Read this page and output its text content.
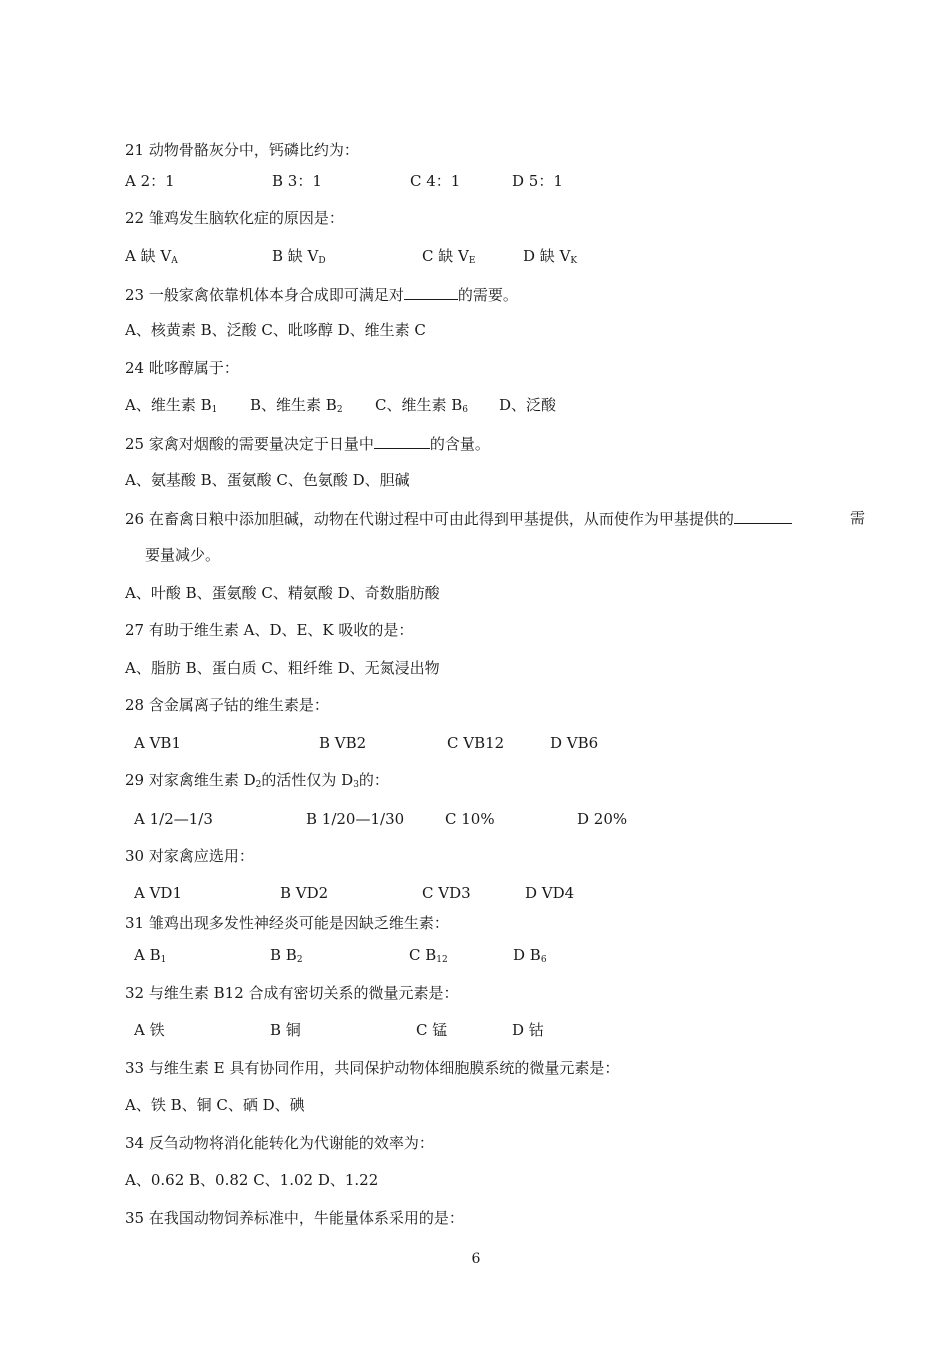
21 动物骨骼灰分中，钙磷比约为：
A 2：1	B 3：1	C 4：1	D 5：1
22 雏鸡发生脑软化症的原因是：
A 缺 $V_A$	B 缺 $V_D$	C 缺 $V_E$	D 缺 $V_K$
23 一般家禽依靠机体本身合成即可满足对	的需要。
A、核黄素 B、泛酸 C、吡哆醇 D、维生素 C
24 吡哆醇属于：
A、维生素 $B_1$ B、维生素 $B_2$ C、维生素 $B_6$ D、泛酸
25 家禽对烟酸的需要量决定于日量中	的含量。
A、氨基酸 B、蛋氨酸 C、色氨酸 D、胆碱
26 在畜禽日粮中添加胆碱，动物在代谢过程中可由此得到甲基提供，从而使作为甲基提供的	需
要量减少。
A、叶酸 B、蛋氨酸 C、精氨酸 D、奇数脂肪酸
27 有助于维生素 A、D、E、K 吸收的是：
A、脂肪 B、蛋白质 C、粗纤维 D、无氮浸出物
28 含金属离子钴的维生素是：
A VB1	B VB2	C VB12	D VB6
29 对家禽维生素 $D_2$的活性仅为 $D_3$的：
A 1/2—1/3	B 1/20—1/30	C 10%	D 20%
30 对家禽应选用：
A VD1	B VD2	C VD3	D VD4
31 雏鸡出现多发性神经炎可能是因缺乏维生素：
A $B_1$	B $B_2$	C $B_{12}$	D $B_6$
32 与维生素 B12 合成有密切关系的微量元素是：
A 铁	B 铜	C 锰	D 钴
33 与维生素 E 具有协同作用，共同保护动物体细胞膜系统的微量元素是：
A、铁 B、铜 C、硒 D、碘
34 反刍动物将消化能转化为代谢能的效率为：
A、0.62 B、0.82 C、1.02 D、1.22
35 在我国动物饲养标准中，牛能量体系采用的是：
6
